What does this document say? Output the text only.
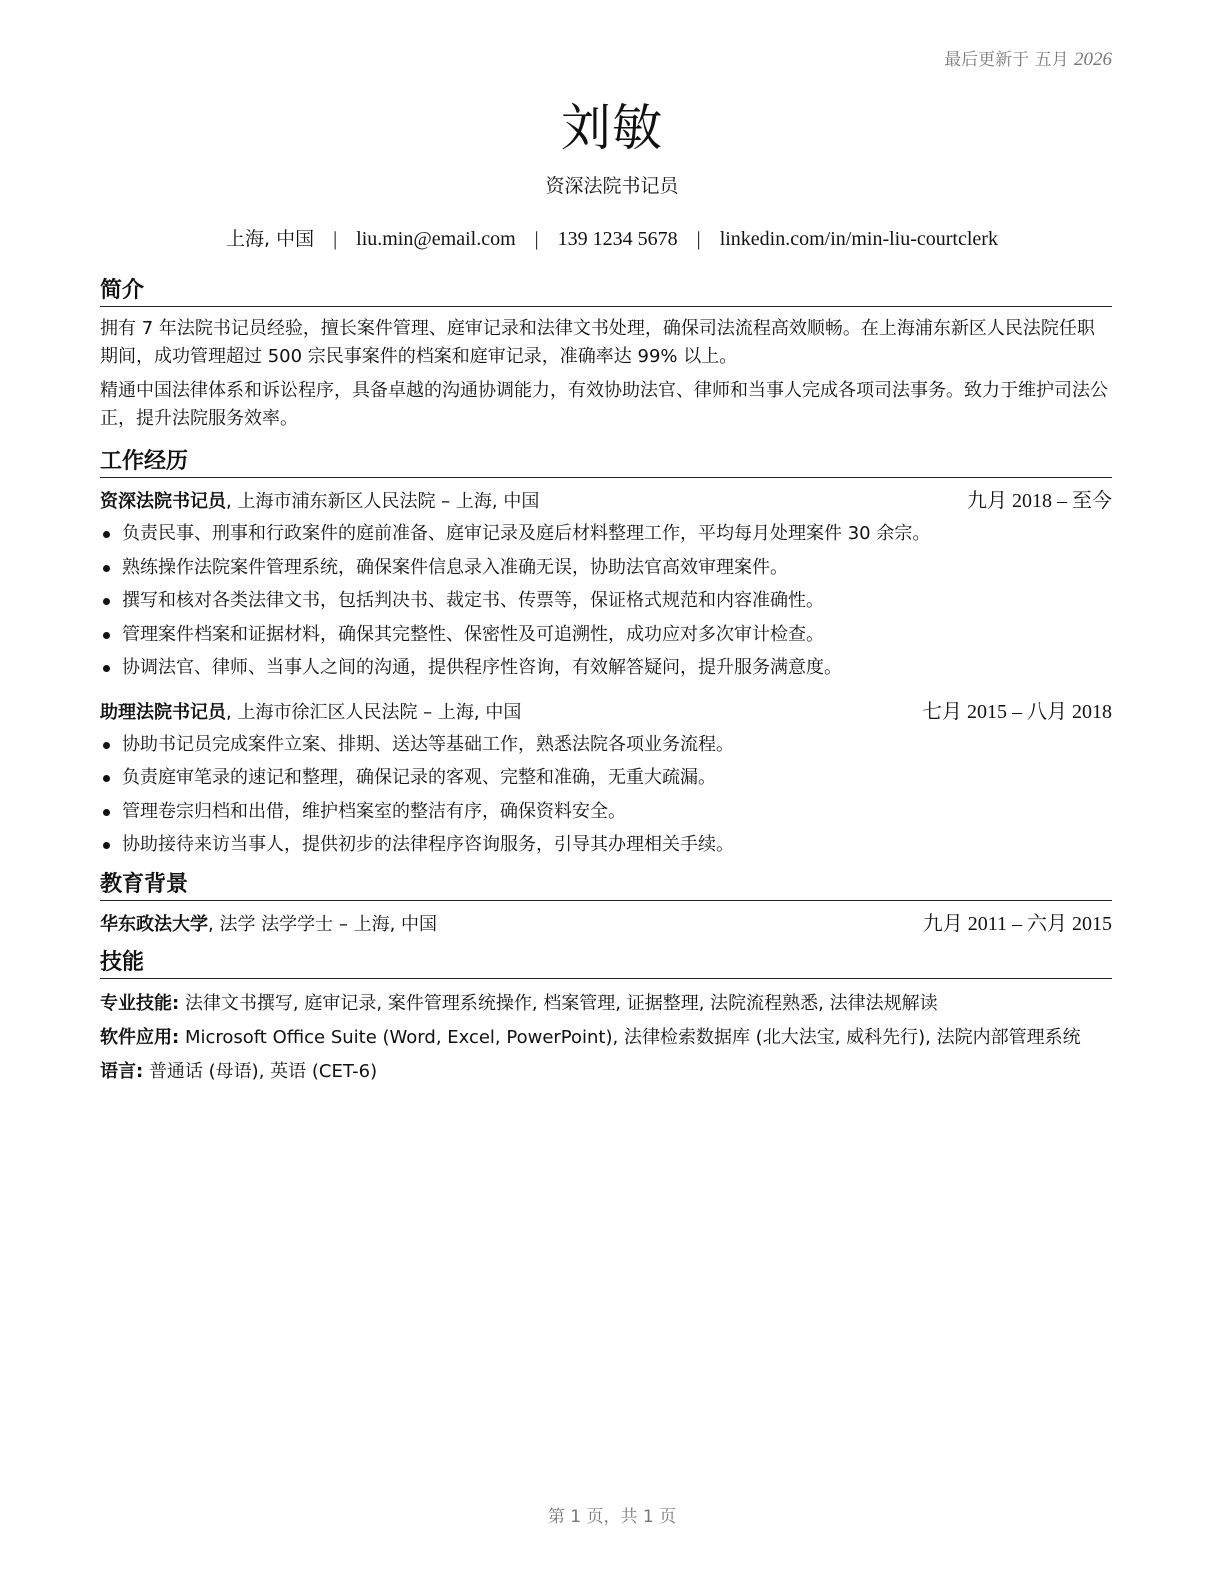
最后更新于 五月 2026
刘敏
资深法院书记员
上海, 中国 | liu.min@email.com | 139 1234 5678 | linkedin.com/in/min-liu-courtclerk
简介

拥有 7 年法院书记员经验，擅长案件管理、庭审记录和法律文书处理，确保司法流程高效顺畅。在上海浦东新区人民法院任职期间，成功管理超过 500 宗民事案件的档案和庭审记录，准确率达 99% 以上。

精通中国法律体系和诉讼程序，具备卓越的沟通协调能力，有效协助法官、律师和当事人完成各项司法事务。致力于维护司法公正，提升法院服务效率。

工作经历
资深法院书记员, 上海市浦东新区人民法院 – 上海, 中国	九月 2018 – 至今
负责民事、刑事和行政案件的庭前准备、庭审记录及庭后材料整理工作，平均每月处理案件 30 余宗。
熟练操作法院案件管理系统，确保案件信息录入准确无误，协助法官高效审理案件。
撰写和核对各类法律文书，包括判决书、裁定书、传票等，保证格式规范和内容准确性。
管理案件档案和证据材料，确保其完整性、保密性及可追溯性，成功应对多次审计检查。
协调法官、律师、当事人之间的沟通，提供程序性咨询，有效解答疑问，提升服务满意度。
助理法院书记员, 上海市徐汇区人民法院 – 上海, 中国	七月 2015 – 八月 2018
协助书记员完成案件立案、排期、送达等基础工作，熟悉法院各项业务流程。
负责庭审笔录的速记和整理，确保记录的客观、完整和准确，无重大疏漏。
管理卷宗归档和出借，维护档案室的整洁有序，确保资料安全。
协助接待来访当事人，提供初步的法律程序咨询服务，引导其办理相关手续。
教育背景
华东政法大学, 法学 法学学士 – 上海, 中国	九月 2011 – 六月 2015
技能
专业技能: 法律文书撰写, 庭审记录, 案件管理系统操作, 档案管理, 证据整理, 法院流程熟悉, 法律法规解读
软件应用: Microsoft Office Suite (Word, Excel, PowerPoint), 法律检索数据库 (北大法宝, 威科先行), 法院内部管理系统
语言: 普通话 (母语), 英语 (CET-6)
第 1 页，共 1 页
